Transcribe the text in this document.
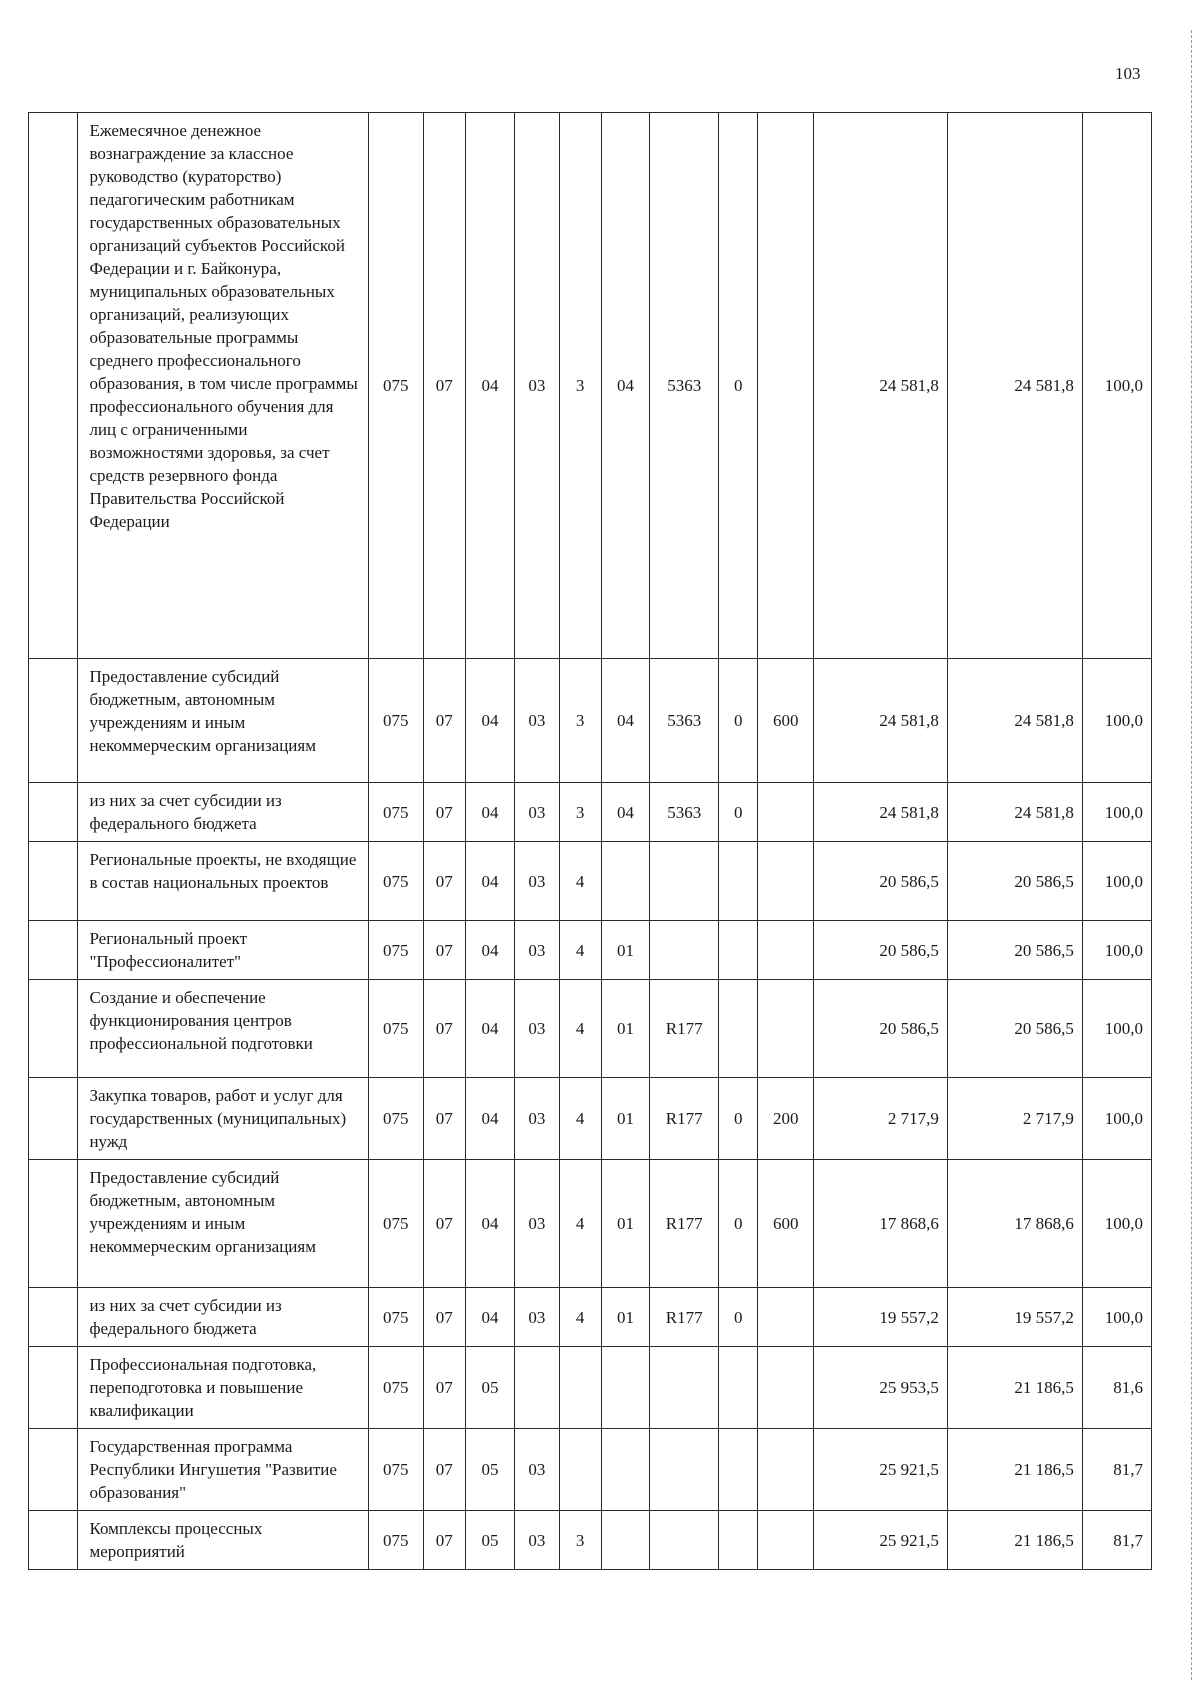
103
	Ежемесячное денежное вознаграждение за классное руководство (кураторство) педагогическим работникам государственных образовательных организаций субъектов Российской Федерации и г. Байконура, муниципальных образовательных организаций, реализующих образовательные программы среднего профессионального образования, в том числе программы профессионального обучения для лиц с ограниченными возможностями здоровья, за счет средств резервного фонда Правительства Российской Федерации	075	07	04	03	3	04	5363	0		24 581,8	24 581,8	100,0
	Предоставление субсидий бюджетным, автономным учреждениям и иным некоммерческим организациям	075	07	04	03	3	04	5363	0	600	24 581,8	24 581,8	100,0
	из них за счет субсидии из федерального бюджета	075	07	04	03	3	04	5363	0		24 581,8	24 581,8	100,0
	Региональные проекты, не входящие в состав национальных проектов	075	07	04	03	4					20 586,5	20 586,5	100,0
	Региональный проект "Профессионалитет"	075	07	04	03	4	01				20 586,5	20 586,5	100,0
	Создание и обеспечение функционирования центров профессиональной подготовки	075	07	04	03	4	01	R177			20 586,5	20 586,5	100,0
	Закупка товаров, работ и услуг для государственных (муниципальных) нужд	075	07	04	03	4	01	R177	0	200	2 717,9	2 717,9	100,0
	Предоставление субсидий бюджетным, автономным учреждениям и иным некоммерческим организациям	075	07	04	03	4	01	R177	0	600	17 868,6	17 868,6	100,0
	из них за счет субсидии из федерального бюджета	075	07	04	03	4	01	R177	0		19 557,2	19 557,2	100,0
	Профессиональная подготовка, переподготовка и повышение квалификации	075	07	05							25 953,5	21 186,5	81,6
	Государственная программа Республики Ингушетия "Развитие образования"	075	07	05	03						25 921,5	21 186,5	81,7
	Комплексы процессных мероприятий	075	07	05	03	3					25 921,5	21 186,5	81,7
